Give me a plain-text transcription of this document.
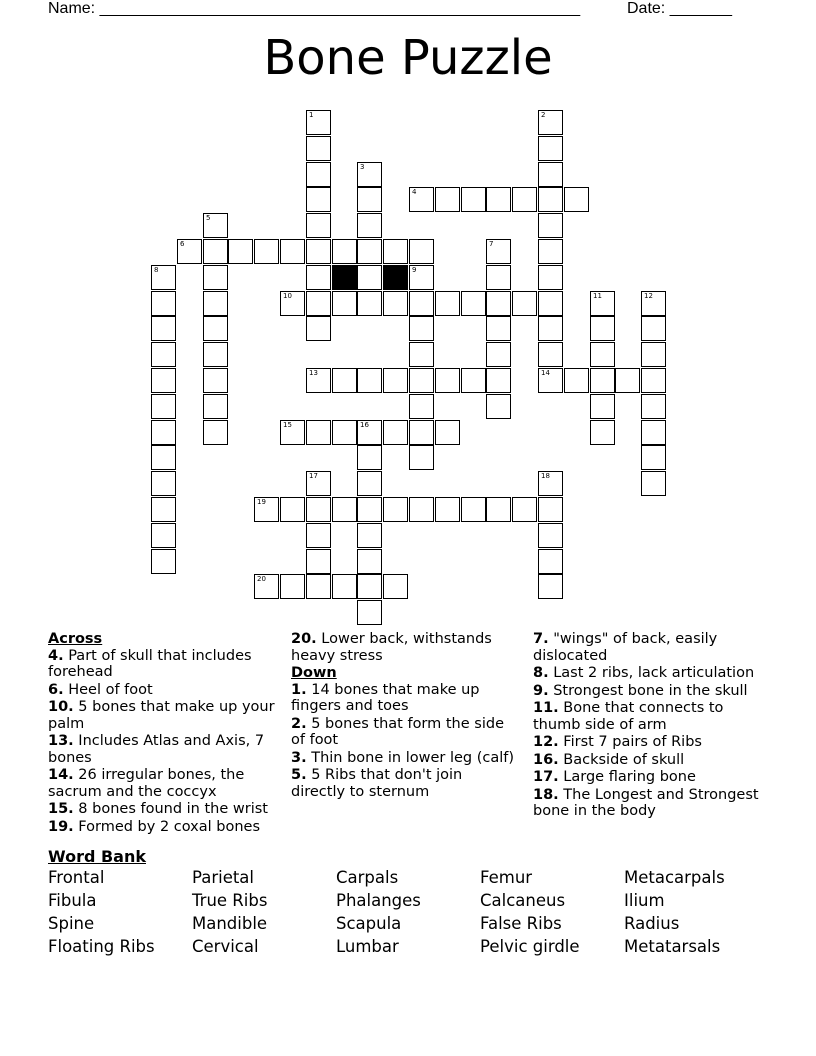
Name: ______________________________________________________	Date: _______
Bone Puzzle
1	2
3
4
5
6	7
8	9
10	11	12
13	14
15	16
17	18
19
20
Across
4. Part of skull that includes forehead
6. Heel of foot
10. 5 bones that make up your palm
13. Includes Atlas and Axis, 7 bones
14. 26 irregular bones, the sacrum and the coccyx
15. 8 bones found in the wrist
19. Formed by 2 coxal bones
20. Lower back, withstands heavy stress
Down
1. 14 bones that make up fingers and toes
2. 5 bones that form the side of foot
3. Thin bone in lower leg (calf)
5. 5 Ribs that don't join directly to sternum
7. "wings" of back, easily dislocated
8. Last 2 ribs, lack articulation
9. Strongest bone in the skull
11. Bone that connects to thumb side of arm
12. First 7 pairs of Ribs
16. Backside of skull
17. Large flaring bone
18. The Longest and Strongest bone in the body
Word Bank
Frontal	Parietal	Carpals	Femur	Metacarpals
Fibula	True Ribs	Phalanges	Calcaneus	Ilium
Spine	Mandible	Scapula	False Ribs	Radius
Floating Ribs	Cervical	Lumbar	Pelvic girdle	Metatarsals
